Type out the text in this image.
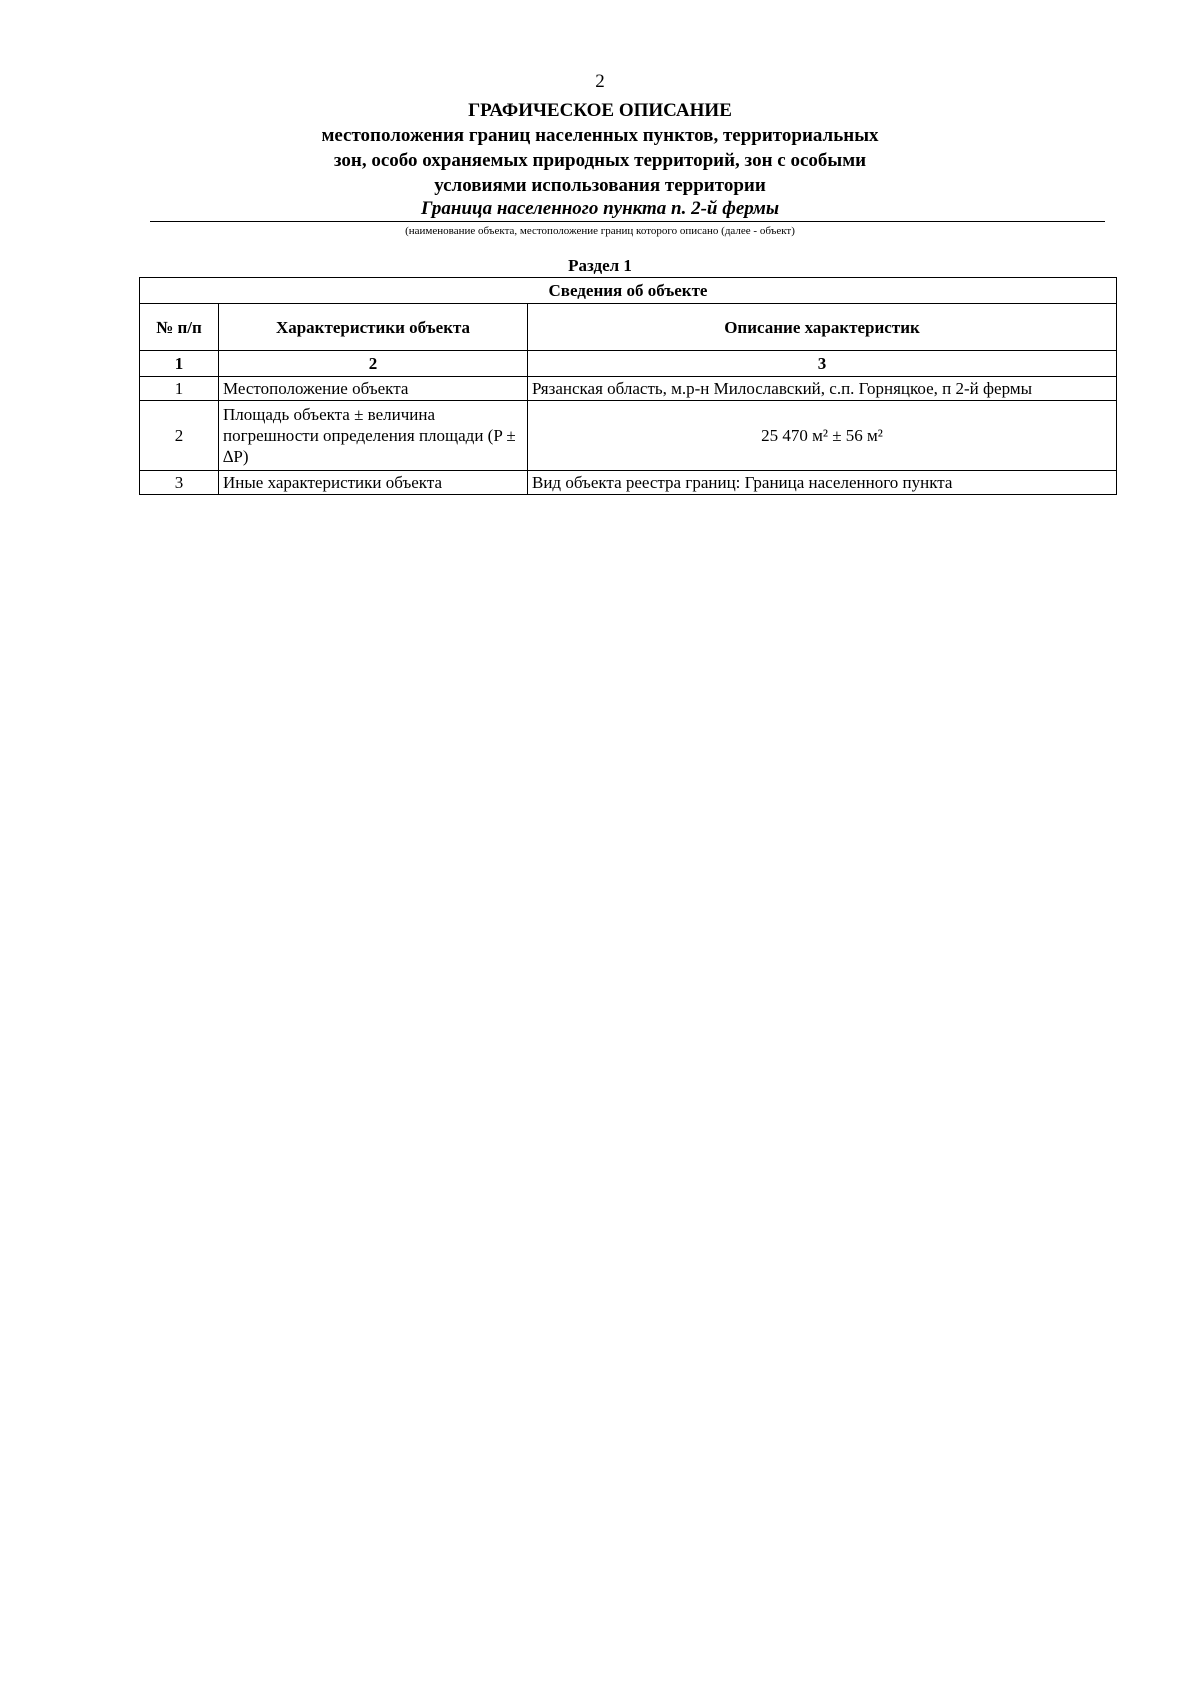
2
ГРАФИЧЕСКОЕ ОПИСАНИЕ
местоположения границ населенных пунктов, территориальных
зон, особо охраняемых природных территорий, зон с особыми
условиями использования территории
Граница населенного пункта п. 2-й фермы
(наименование объекта, местоположение границ которого описано (далее - объект)
Раздел 1
Сведения об объекте		
№ п/п	Характеристики объекта	Описание характеристик
1	2	3
1	Местоположение объекта	Рязанская область, м.р-н Милославский, с.п. Горняцкое, п 2-й фермы
2	Площадь объекта ± величина погрешности определения площади (P ± ∆P)	25 470 м² ± 56 м²
3	Иные характеристики объекта	Вид объекта реестра границ: Граница населенного пункта
